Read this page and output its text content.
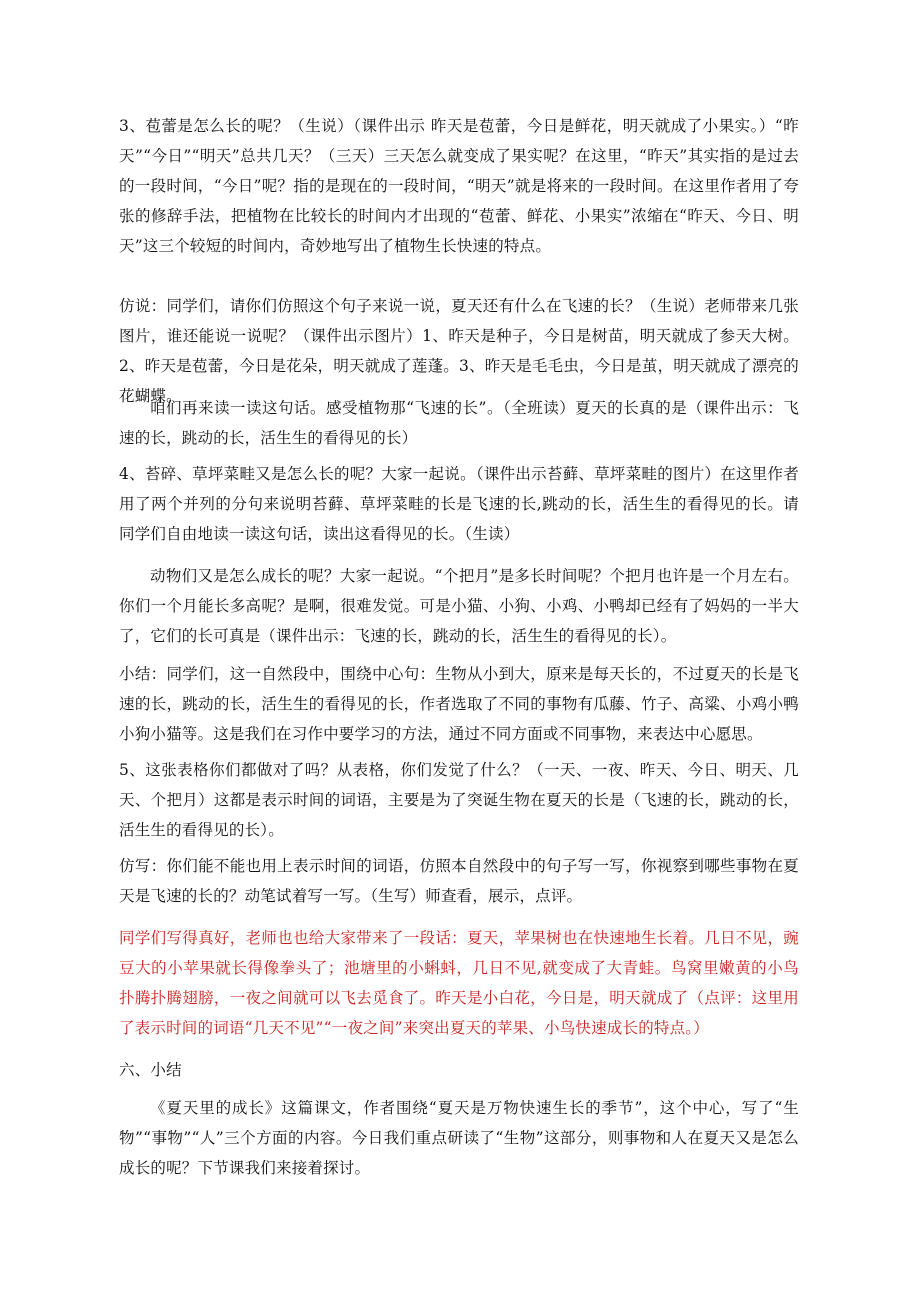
3、苞蕾是怎么长的呢？（生说）（课件出示 昨天是苞蕾，今日是鲜花，明天就成了小果实。）“昨天”“今日”“明天”总共几天？（三天）三天怎么就变成了果实呢？在这里，“昨天”其实指的是过去的一段时间，“今日”呢？指的是现在的一段时间，“明天”就是将来的一段时间。在这里作者用了夸张的修辞手法，把植物在比较长的时间内才出现的“苞蕾、鲜花、小果实”浓缩在“昨天、今日、明天”这三个较短的时间内，奇妙地写出了植物生长快速的特点。

仿说：同学们，请你们仿照这个句子来说一说，夏天还有什么在飞速的长？（生说）老师带来几张图片，谁还能说一说呢？（课件出示图片）1、昨天是种子，今日是树苗，明天就成了参天大树。2、昨天是苞蕾，今日是花朵，明天就成了莲蓬。3、昨天是毛毛虫，今日是茧，明天就成了漂亮的花蝴蝶。

咱们再来读一读这句话。感受植物那“飞速的长”。（全班读）夏天的长真的是（课件出示：飞速的长，跳动的长，活生生的看得见的长）

4、苔碎、草坪菜畦又是怎么长的呢？大家一起说。（课件出示苔藓、草坪菜畦的图片）在这里作者用了两个并列的分句来说明苔藓、草坪菜畦的长是飞速的长,跳动的长，活生生的看得见的长。请同学们自由地读一读这句话，读出这看得见的长。（生读）

动物们又是怎么成长的呢？大家一起说。“个把月”是多长时间呢？个把月也许是一个月左右。你们一个月能长多高呢？是啊，很难发觉。可是小猫、小狗、小鸡、小鸭却已经有了妈妈的一半大了，它们的长可真是（课件出示：飞速的长，跳动的长，活生生的看得见的长）。

小结：同学们，这一自然段中，围绕中心句：生物从小到大，原来是每天长的，不过夏天的长是飞速的长，跳动的长，活生生的看得见的长，作者选取了不同的事物有瓜藤、竹子、高粱、小鸡小鸭小狗小猫等。这是我们在习作中要学习的方法，通过不同方面或不同事物，来表达中心愿思。

5、这张表格你们都做对了吗？从表格，你们发觉了什么？（一天、一夜、昨天、今日、明天、几天、个把月）这都是表示时间的词语，主要是为了突诞生物在夏天的长是（飞速的长，跳动的长，活生生的看得见的长）。

仿写：你们能不能也用上表示时间的词语，仿照本自然段中的句子写一写，你视察到哪些事物在夏天是飞速的长的？动笔试着写一写。（生写）师查看，展示，点评。

同学们写得真好，老师也也给大家带来了一段话：夏天，苹果树也在快速地生长着。几日不见，豌豆大的小苹果就长得像拳头了；池塘里的小蝌蚪，几日不见,就变成了大青蛙。鸟窝里嫩黄的小鸟扑腾扑腾翅膀，一夜之间就可以飞去觅食了。昨天是小白花，今日是，明天就成了（点评：这里用了表示时间的词语“几天不见”“一夜之间”来突出夏天的苹果、小鸟快速成长的特点。）

六、小结

《夏天里的成长》这篇课文，作者围绕“夏天是万物快速生长的季节”，这个中心，写了“生物”“事物”“人”三个方面的内容。今日我们重点研读了“生物”这部分，则事物和人在夏天又是怎么成长的呢？下节课我们来接着探讨。
